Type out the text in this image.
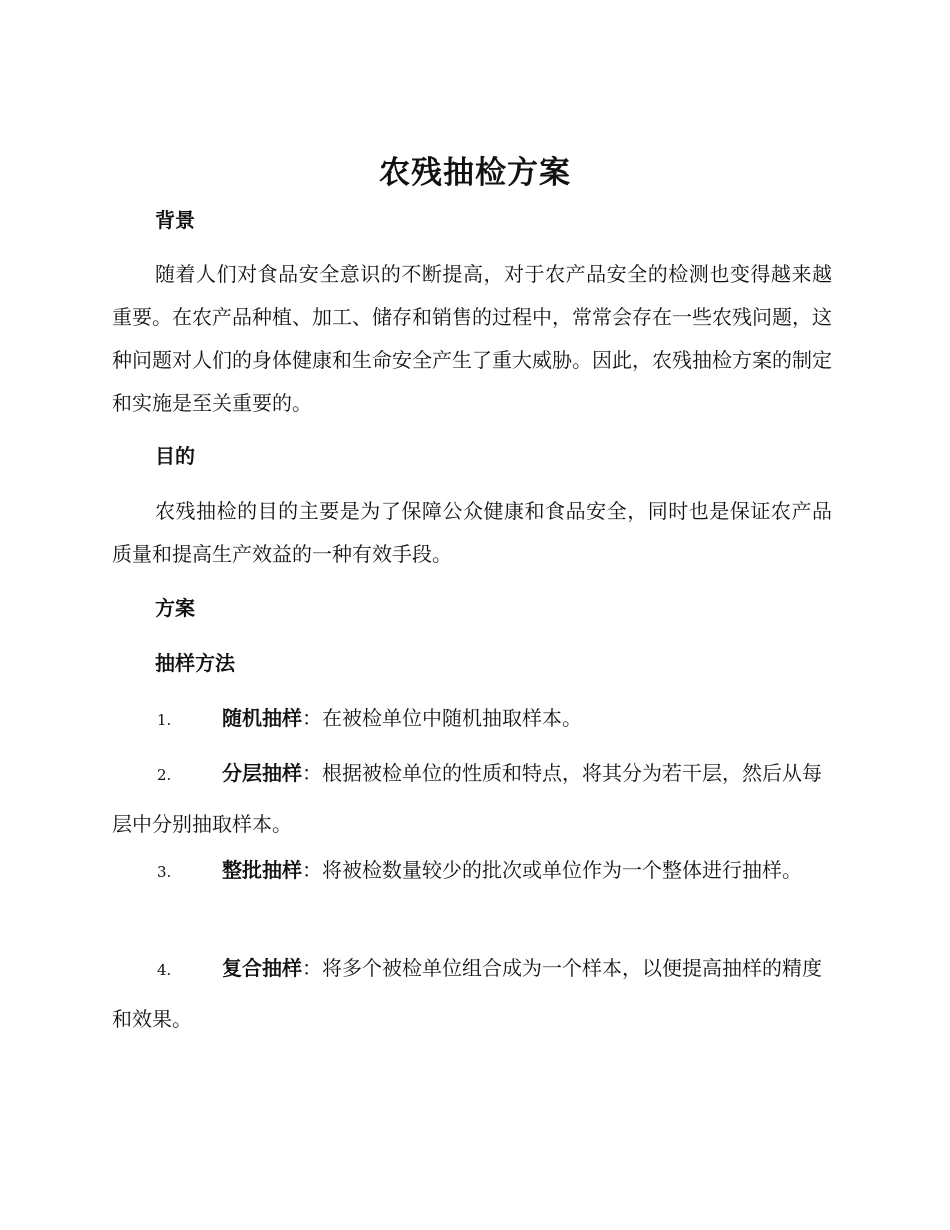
农残抽检方案
背景
随着人们对食品安全意识的不断提高，对于农产品安全的检测也变得越来越重要。在农产品种植、加工、储存和销售的过程中，常常会存在一些农残问题，这种问题对人们的身体健康和生命安全产生了重大威胁。因此，农残抽检方案的制定和实施是至关重要的。
目的
农残抽检的目的主要是为了保障公众健康和食品安全，同时也是保证农产品质量和提高生产效益的一种有效手段。
方案
抽样方法
1.	随机抽样：在被检单位中随机抽取样本。
2.	分层抽样：根据被检单位的性质和特点，将其分为若干层，然后从每层中分别抽取样本。
3.	整批抽样：将被检数量较少的批次或单位作为一个整体进行抽样。
4.	复合抽样：将多个被检单位组合成为一个样本，以便提高抽样的精度和效果。
